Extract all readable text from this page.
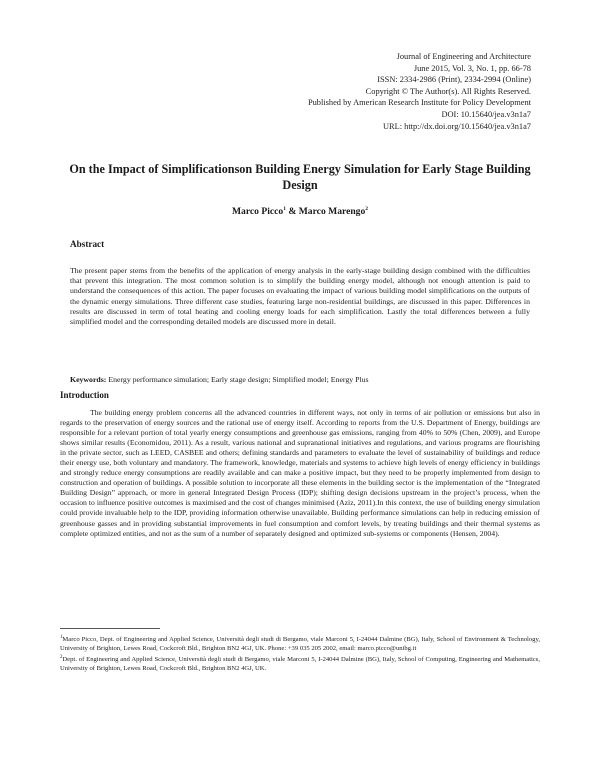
Journal of Engineering and Architecture
June 2015, Vol. 3, No. 1, pp. 66-78
ISSN: 2334-2986 (Print), 2334-2994 (Online)
Copyright © The Author(s). All Rights Reserved.
Published by American Research Institute for Policy Development
DOI: 10.15640/jea.v3n1a7
URL: http://dx.doi.org/10.15640/jea.v3n1a7
On the Impact of Simplificationson Building Energy Simulation for Early Stage Building Design
Marco Picco$^1$ & Marco Marengo$^2$
Abstract
The present paper stems from the benefits of the application of energy analysis in the early-stage building design combined with the difficulties that prevent this integration. The most common solution is to simplify the building energy model, although not enough attention is paid to understand the consequences of this action. The paper focuses on evaluating the impact of various building model simplifications on the outputs of the dynamic energy simulations. Three different case studies, featuring large non-residential buildings, are discussed in this paper. Differences in results are discussed in term of total heating and cooling energy loads for each simplification. Lastly the total differences between a fully simplified model and the corresponding detailed models are discussed more in detail.
Keywords: Energy performance simulation; Early stage design; Simplified model; Energy Plus
Introduction
The building energy problem concerns all the advanced countries in different ways, not only in terms of air pollution or emissions but also in regards to the preservation of energy sources and the rational use of energy itself. According to reports from the U.S. Department of Energy, buildings are responsible for a relevant portion of total yearly energy consumptions and greenhouse gas emissions, ranging from 40% to 50% (Chen, 2009), and Europe shows similar results (Economidou, 2011). As a result, various national and supranational initiatives and regulations, and various programs are flourishing in the private sector, such as LEED, CASBEE and others; defining standards and parameters to evaluate the level of sustainability of buildings and reduce their energy use, both voluntary and mandatory. The framework, knowledge, materials and systems to achieve high levels of energy efficiency in buildings and strongly reduce energy consumptions are readily available and can make a positive impact, but they need to be properly implemented from design to construction and operation of buildings. A possible solution to incorporate all these elements in the building sector is the implementation of the “Integrated Building Design” approach, or more in general Integrated Design Process (IDP); shifting design decisions upstream in the project’s process, when the occasion to influence positive outcomes is maximised and the cost of changes minimised (Aziz, 2011).In this context, the use of building energy simulation could provide invaluable help to the IDP, providing information otherwise unavailable. Building performance simulations can help in reducing emission of greenhouse gasses and in providing substantial improvements in fuel consumption and comfort levels, by treating buildings and their thermal systems as complete optimized entities, and not as the sum of a number of separately designed and optimized sub-systems or components (Hensen, 2004).

$^1$Marco Picco, Dept. of Engineering and Applied Science, Università degli studi di Bergamo, viale Marconi 5, I-24044 Dalmine (BG), Italy, School of Environment & Technology, University of Brighton, Lewes Road, Cockcroft Bld., Brighton BN2 4GJ, UK. Phone: +39 035 205 2002, email: marco.picco@unibg.it

$^2$Dept. of Engineering and Applied Science, Università degli studi di Bergamo, viale Marconi 5, I-24044 Dalmine (BG), Italy, School of Computing, Engineering and Mathematics, University of Brighton, Lewes Road, Cockcroft Bld., Brighton BN2 4GJ, UK.
